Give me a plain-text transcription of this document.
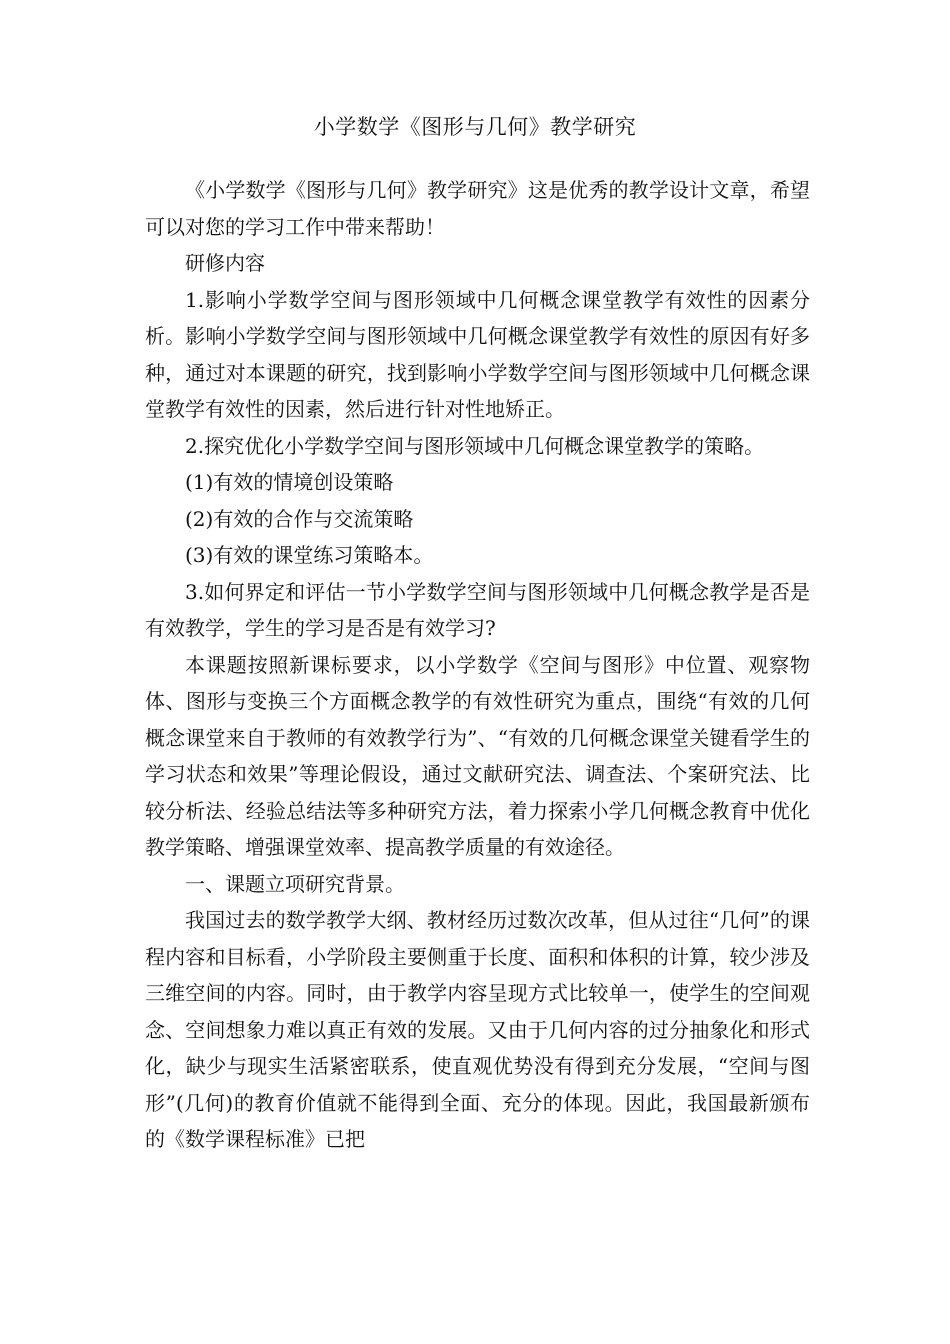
小学数学《图形与几何》教学研究

《小学数学《图形与几何》教学研究》这是优秀的教学设计文章，希望可以对您的学习工作中带来帮助！

研修内容

1.影响小学数学空间与图形领域中几何概念课堂教学有效性的因素分析。影响小学数学空间与图形领域中几何概念课堂教学有效性的原因有好多种，通过对本课题的研究，找到影响小学数学空间与图形领域中几何概念课堂教学有效性的因素，然后进行针对性地矫正。

2.探究优化小学数学空间与图形领域中几何概念课堂教学的策略。

(1)有效的情境创设策略

(2)有效的合作与交流策略

(3)有效的课堂练习策略本。

3.如何界定和评估一节小学数学空间与图形领域中几何概念教学是否是有效教学，学生的学习是否是有效学习?

本课题按照新课标要求，以小学数学《空间与图形》中位置、观察物体、图形与变换三个方面概念教学的有效性研究为重点，围绕“有效的几何概念课堂来自于教师的有效教学行为”、“有效的几何概念课堂关键看学生的学习状态和效果”等理论假设，通过文献研究法、调查法、个案研究法、比较分析法、经验总结法等多种研究方法，着力探索小学几何概念教育中优化教学策略、增强课堂效率、提高教学质量的有效途径。

一、课题立项研究背景。

我国过去的数学教学大纲、教材经历过数次改革，但从过往“几何”的课程内容和目标看，小学阶段主要侧重于长度、面积和体积的计算，较少涉及三维空间的内容。同时，由于教学内容呈现方式比较单一，使学生的空间观念、空间想象力难以真正有效的发展。又由于几何内容的过分抽象化和形式化，缺少与现实生活紧密联系，使直观优势没有得到充分发展，“空间与图形”(几何)的教育价值就不能得到全面、充分的体现。因此，我国最新颁布的《数学课程标准》已把
